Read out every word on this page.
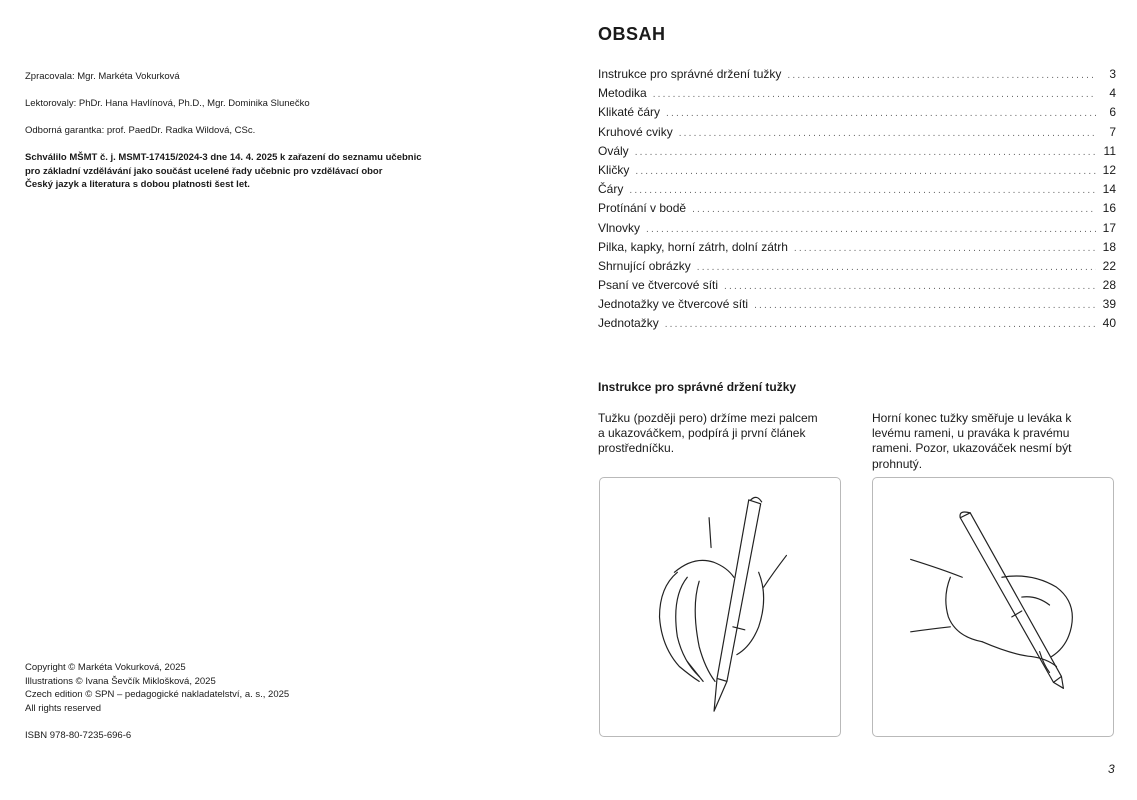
Zpracovala: Mgr. Markéta Vokurková

Lektorovaly: PhDr. Hana Havlínová, Ph.D., Mgr. Dominika Slunečko

Odborná garantka: prof. PaedDr. Radka Wildová, CSc.

Schválilo MŠMT č. j. MSMT-17415/2024-3 dne 14. 4. 2025 k zařazení do seznamu učebnic
pro základní vzdělávání jako součást ucelené řady učebnic pro vzdělávací obor
Český jazyk a literatura s dobou platnosti šest let.

Copyright © Markéta Vokurková, 2025
Illustrations © Ivana Ševčík Miklošková, 2025
Czech edition © SPN – pedagogické nakladatelství, a. s., 2025
All rights reserved
ISBN 978-80-7235-696-6
OBSAH
Instrukce pro správné držení tužky .....	3
Metodika .....	4
Klikaté čáry .....	6
Kruhové cviky .....	7
Ovály .....	11
Kličky .....	12
Čáry .....	14
Protínání v bodě .....	16
Vlnovky .....	17
Pilka, kapky, horní zátrh, dolní zátrh .....	18
Shrnující obrázky .....	22
Psaní ve čtvercové síti .....	28
Jednotažky ve čtvercové síti .....	39
Jednotažky .....	40
Instrukce pro správné držení tužky

Tužku (později pero) držíme mezi palcem a ukazováčkem, podpírá ji první článek prostředníčku.

Horní konec tužky směřuje u leváka k levému rameni, u praváka k pravému rameni. Pozor, ukazováček nesmí být prohnutý.

3
